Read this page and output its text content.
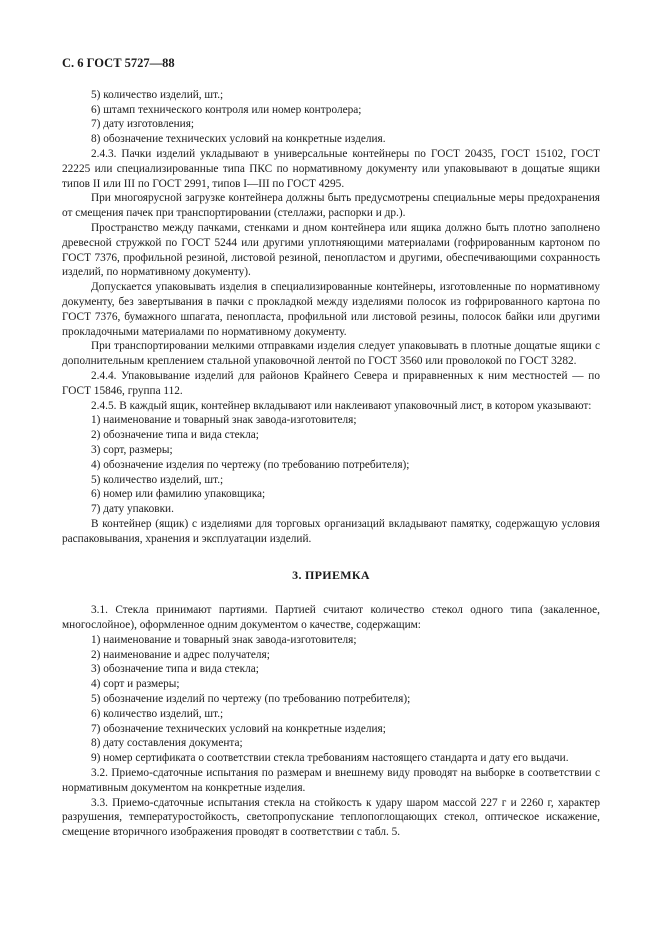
С. 6 ГОСТ 5727—88

5) количество изделий, шт.;

6) штамп технического контроля или номер контролера;

7) дату изготовления;

8) обозначение технических условий на конкретные изделия.

2.4.3. Пачки изделий укладывают в универсальные контейнеры по ГОСТ 20435, ГОСТ 15102, ГОСТ 22225 или специализированные типа ПКС по нормативному документу или упаковывают в дощатые ящики типов II или III по ГОСТ 2991, типов I—III по ГОСТ 4295.

При многоярусной загрузке контейнера должны быть предусмотрены специальные меры предохранения от смещения пачек при транспортировании (стеллажи, распорки и др.).

Пространство между пачками, стенками и дном контейнера или ящика должно быть плотно заполнено древесной стружкой по ГОСТ 5244 или другими уплотняющими материалами (гофрированным картоном по ГОСТ 7376, профильной резиной, листовой резиной, пенопластом и другими, обеспечивающими сохранность изделий, по нормативному документу).

Допускается упаковывать изделия в специализированные контейнеры, изготовленные по нормативному документу, без завертывания в пачки с прокладкой между изделиями полосок из гофрированного картона по ГОСТ 7376, бумажного шпагата, пенопласта, профильной или листовой резины, полосок байки или другими прокладочными материалами по нормативному документу.

При транспортировании мелкими отправками изделия следует упаковывать в плотные дощатые ящики с дополнительным креплением стальной упаковочной лентой по ГОСТ 3560 или проволокой по ГОСТ 3282.

2.4.4. Упаковывание изделий для районов Крайнего Севера и приравненных к ним местностей — по ГОСТ 15846, группа 112.

2.4.5. В каждый ящик, контейнер вкладывают или наклеивают упаковочный лист, в котором указывают:

1) наименование и товарный знак завода-изготовителя;

2) обозначение типа и вида стекла;

3) сорт, размеры;

4) обозначение изделия по чертежу (по требованию потребителя);

5) количество изделий, шт.;

6) номер или фамилию упаковщика;

7) дату упаковки.

В контейнер (ящик) с изделиями для торговых организаций вкладывают памятку, содержащую условия распаковывания, хранения и эксплуатации изделий.

3. ПРИЕМКА

3.1. Стекла принимают партиями. Партией считают количество стекол одного типа (закаленное, многослойное), оформленное одним документом о качестве, содержащим:

1) наименование и товарный знак завода-изготовителя;

2) наименование и адрес получателя;

3) обозначение типа и вида стекла;

4) сорт и размеры;

5) обозначение изделий по чертежу (по требованию потребителя);

6) количество изделий, шт.;

7) обозначение технических условий на конкретные изделия;

8) дату составления документа;

9) номер сертификата о соответствии стекла требованиям настоящего стандарта и дату его выдачи.

3.2. Приемо-сдаточные испытания по размерам и внешнему виду проводят на выборке в соответствии с нормативным документом на конкретные изделия.

3.3. Приемо-сдаточные испытания стекла на стойкость к удару шаром массой 227 г и 2260 г, характер разрушения, температуростойкость, светопропускание теплопоглощающих стекол, оптическое искажение, смещение вторичного изображения проводят в соответствии с табл. 5.
